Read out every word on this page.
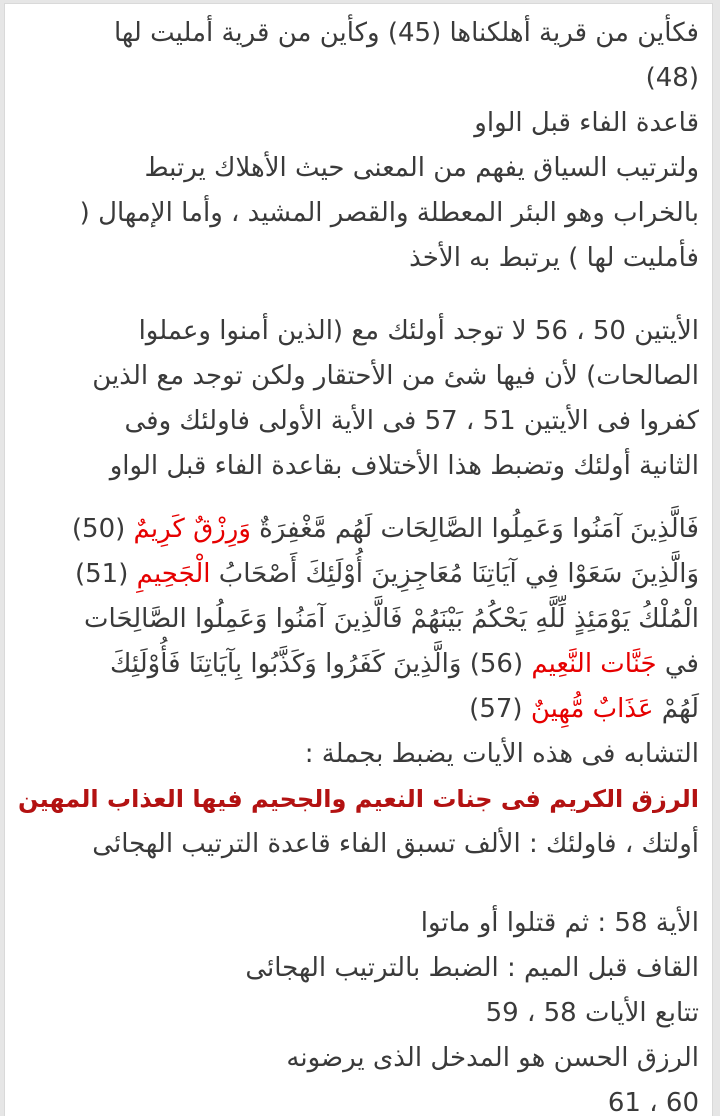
فكأين من قرية أهلكناها (45) وكأين من قرية أمليت لها
(48)
قاعدة الفاء قبل الواو
ولترتيب السياق يفهم من المعنى حيث الأهلاك يرتبط
بالخراب وهو البئر المعطلة والقصر المشيد ، وأما الإمهال (
فأمليت لها ) يرتبط به الأخذ
الأيتين 50 ، 56 لا توجد أولئك مع (الذين أمنوا وعملوا
الصالحات) لأن فيها شئ من الأحتقار ولكن توجد مع الذين
كفروا فى الأيتين 51 ، 57 فى الأية الأولى فاولئك وفى
الثانية أولئك وتضبط هذا الأختلاف بقاعدة الفاء قبل الواو
فَالَّذِينَ آمَنُوا وَعَمِلُوا الصَّالِحَات لَهُم مَّغْفِرَةٌ وَرِزْقٌ كَرِيمٌ (50)
وَالَّذِينَ سَعَوْا فِي آيَاتِنَا مُعَاجِزِينَ أُوْلَئِكَ أَصْحَابُ الْجَحِيمِ (51)
الْمُلْكُ يَوْمَئِذٍ لِّلَّهِ يَحْكُمُ بَيْنَهُمْ فَالَّذِينَ آمَنُوا وَعَمِلُوا الصَّالِحَات
في جَنَّات النَّعِيم (56) وَالَّذِينَ كَفَرُوا وَكَذَّبُوا بِآيَاتِنَا فَأُوْلَئِكَ
لَهُمْ عَذَابٌ مُّهِينٌ (57)
التشابه فى هذه الأيات يضبط بجملة :
الرزق الكريم فى جنات النعيم والجحيم فيها العذاب المهين
أولتك ، فاولئك : الألف تسبق الفاء قاعدة الترتيب الهجائى
الأية 58 : ثم قتلوا أو ماتوا
القاف قبل الميم : الضبط بالترتيب الهجائى
تتابع الأيات 58 ، 59
الرزق الحسن هو المدخل الذى يرضونه
60 ، 61
